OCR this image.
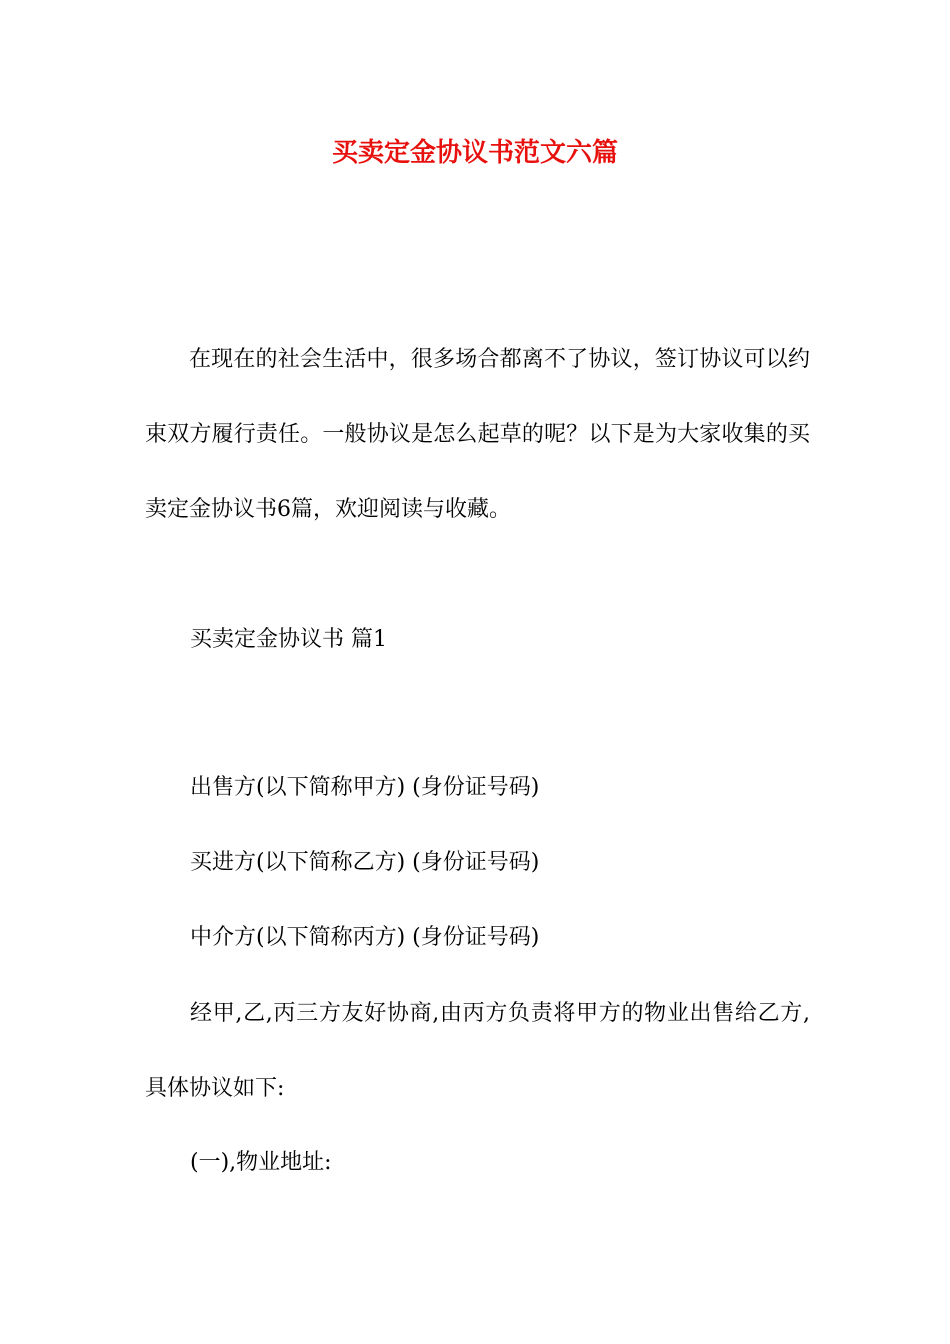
买卖定金协议书范文六篇
在现在的社会生活中，很多场合都离不了协议，签订协议可以约束双方履行责任。一般协议是怎么起草的呢？以下是为大家收集的买卖定金协议书6篇，欢迎阅读与收藏。
买卖定金协议书 篇1
出售方(以下简称甲方) (身份证号码)
买进方(以下简称乙方) (身份证号码)
中介方(以下简称丙方) (身份证号码)
经甲,乙,丙三方友好协商,由丙方负责将甲方的物业出售给乙方,具体协议如下:
(一),物业地址:
